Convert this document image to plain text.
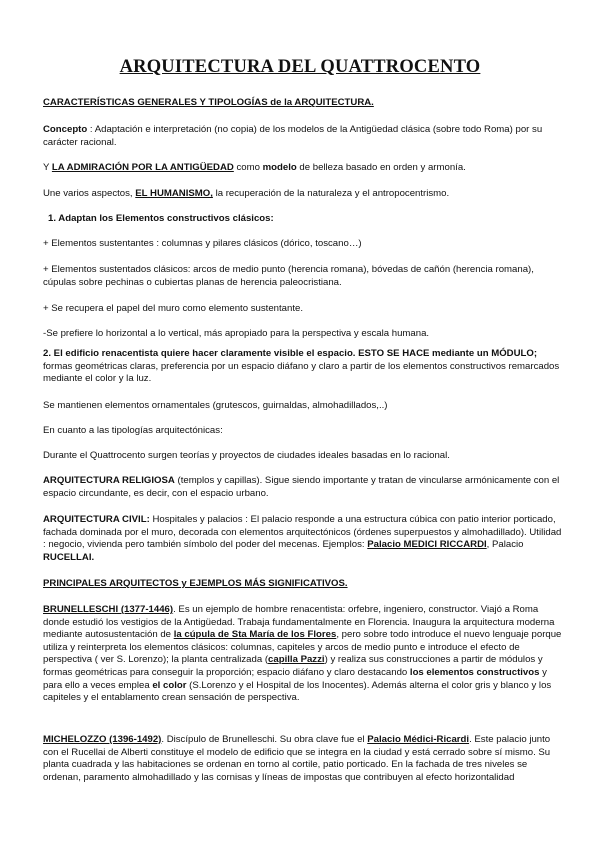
ARQUITECTURA DEL QUATTROCENTO
CARACTERÍSTICAS GENERALES Y TIPOLOGÍAS de la ARQUITECTURA.
Concepto : Adaptación e interpretación (no copia) de los modelos de la Antigüedad clásica (sobre todo Roma) por su carácter racional.
Y LA ADMIRACIÓN POR LA ANTIGÜEDAD como modelo de belleza basado en orden y armonía.
Une varios aspectos, EL HUMANISMO, la recuperación de la naturaleza y el antropocentrismo.
1. Adaptan los Elementos constructivos clásicos:
+ Elementos sustentantes : columnas y pilares clásicos (dórico, toscano…)
+ Elementos sustentados clásicos: arcos de medio punto (herencia romana), bóvedas de cañón (herencia romana), cúpulas sobre pechinas o cubiertas planas de herencia paleocristiana.
+ Se recupera el papel del muro como elemento sustentante.
-Se prefiere lo horizontal a lo vertical, más apropiado para la perspectiva y escala humana.
2. El edificio renacentista quiere hacer claramente visible el espacio. ESTO SE HACE mediante un MÓDULO; formas geométricas claras, preferencia por un espacio diáfano y claro a partir de los elementos constructivos remarcados mediante el color y la luz.
Se mantienen elementos ornamentales (grutescos, guirnaldas, almohadillados,..)
En cuanto a las tipologías arquitectónicas:
Durante el Quattrocento surgen teorías y proyectos de ciudades ideales basadas en lo racional.
ARQUITECTURA RELIGIOSA (templos y capillas). Sigue siendo importante y tratan de vincularse armónicamente con el espacio circundante, es decir, con el espacio urbano.
ARQUITECTURA CIVIL: Hospitales y palacios : El palacio responde a una estructura cúbica con patio interior porticado, fachada dominada por el muro, decorada con elementos arquitectónicos (órdenes superpuestos y almohadillado). Utilidad : negocio, vivienda pero también símbolo del poder del mecenas. Ejemplos: Palacio MEDICI RICCARDI, Palacio RUCELLAI.
PRINCIPALES ARQUITECTOS y EJEMPLOS MÁS SIGNIFICATIVOS.
BRUNELLESCHI (1377-1446). Es un ejemplo de hombre renacentista: orfebre, ingeniero, constructor. Viajó a Roma donde estudió los vestigios de la Antigüedad. Trabaja fundamentalmente en Florencia. Inaugura la arquitectura moderna mediante autosustentación de la cúpula de Sta María de los Flores, pero sobre todo introduce el nuevo lenguaje porque utiliza y reinterpreta los elementos clásicos: columnas, capiteles y arcos de medio punto e introduce el efecto de perspectiva ( ver S. Lorenzo); la planta centralizada (capilla Pazzi) y realiza sus construcciones a partir de módulos y formas geométricas para conseguir la proporción; espacio diáfano y claro destacando los elementos constructivos y para ello a veces emplea el color (S.Lorenzo y el Hospital de los Inocentes). Además alterna el color gris y blanco y los capiteles y el entablamento crean sensación de perspectiva.
MICHELOZZO (1396-1492). Discípulo de Brunelleschi. Su obra clave fue el Palacio Médici-Ricardi. Este palacio junto con el Rucellai de Alberti constituye el modelo de edificio que se integra en la ciudad y está cerrado sobre sí mismo. Su planta cuadrada y las habitaciones se ordenan en torno al cortile, patio porticado. En la fachada de tres niveles se ordenan, paramento almohadillado y las cornisas y líneas de impostas que contribuyen al efecto horizontalidad
